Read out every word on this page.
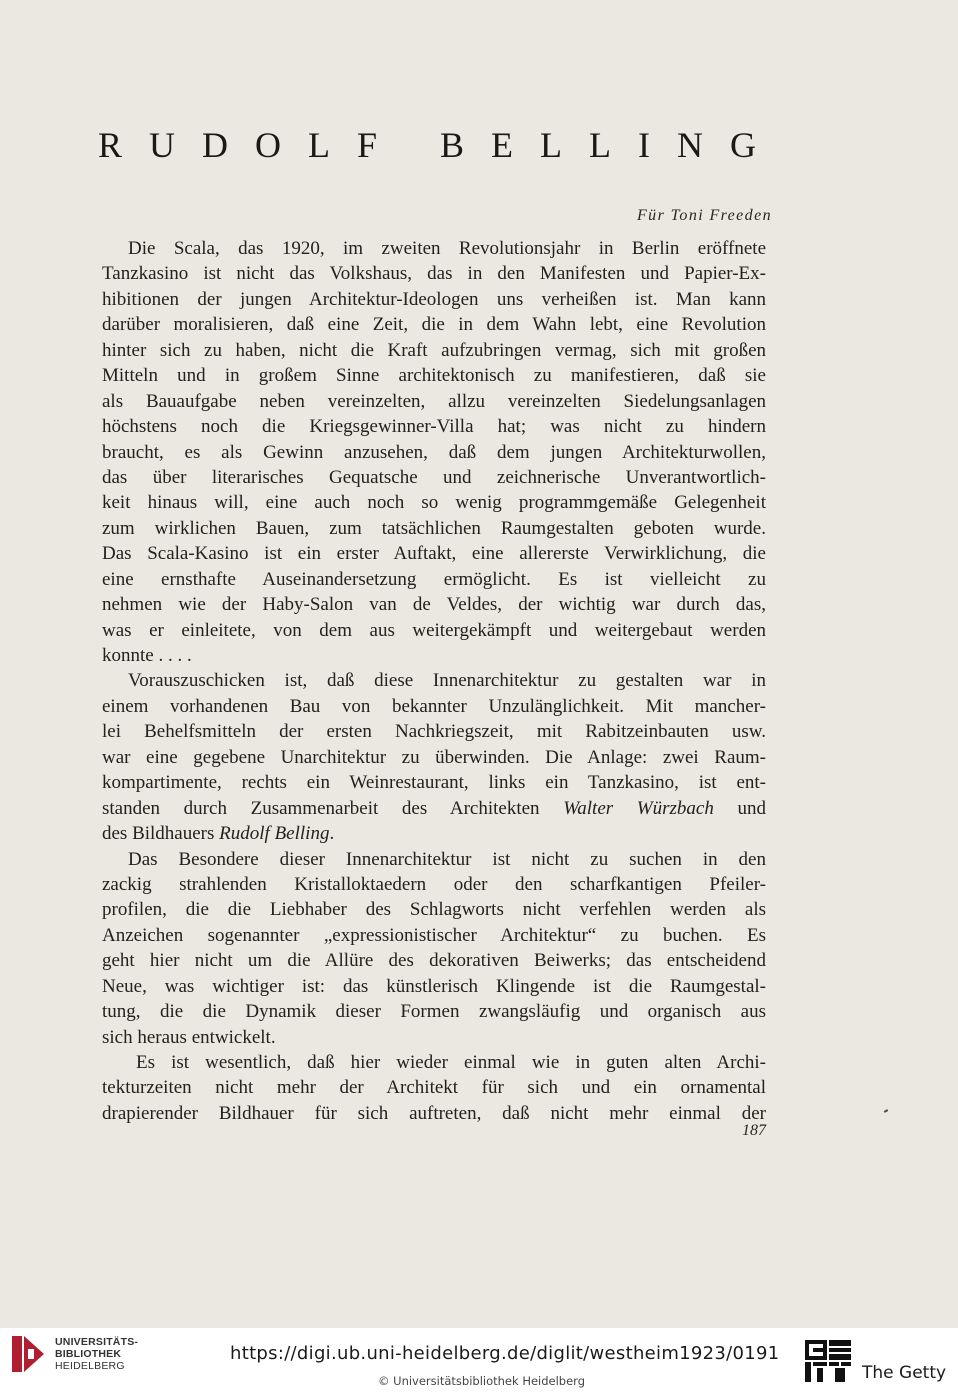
RUDOLF BELLING
Für Toni Freeden
Die Scala, das 1920, im zweiten Revolutionsjahr in Berlin eröffnete
Tanzkasino ist nicht das Volkshaus, das in den Manifesten und Papier-Ex-
hibitionen der jungen Architektur-Ideologen uns verheißen ist. Man kann
darüber moralisieren, daß eine Zeit, die in dem Wahn lebt, eine Revolution
hinter sich zu haben, nicht die Kraft aufzubringen vermag, sich mit großen
Mitteln und in großem Sinne architektonisch zu manifestieren, daß sie
als Bauaufgabe neben vereinzelten, allzu vereinzelten Siedelungsanlagen
höchstens noch die Kriegsgewinner-Villa hat; was nicht zu hindern
braucht, es als Gewinn anzusehen, daß dem jungen Architekturwollen,
das über literarisches Gequatsche und zeichnerische Unverantwortlich-
keit hinaus will, eine auch noch so wenig programmgemäße Gelegenheit
zum wirklichen Bauen, zum tatsächlichen Raumgestalten geboten wurde.
Das Scala-Kasino ist ein erster Auftakt, eine allererste Verwirklichung, die
eine ernsthafte Auseinandersetzung ermöglicht. Es ist vielleicht zu
nehmen wie der Haby-Salon van de Veldes, der wichtig war durch das,
was er einleitete, von dem aus weitergekämpft und weitergebaut werden
konnte . . . .
Vorauszuschicken ist, daß diese Innenarchitektur zu gestalten war in
einem vorhandenen Bau von bekannter Unzulänglichkeit. Mit mancher-
lei Behelfsmitteln der ersten Nachkriegszeit, mit Rabitzeinbauten usw.
war eine gegebene Unarchitektur zu überwinden. Die Anlage: zwei Raum-
kompartimente, rechts ein Weinrestaurant, links ein Tanzkasino, ist ent-
standen durch Zusammenarbeit des Architekten Walter Würzbach und
des Bildhauers Rudolf Belling.
Das Besondere dieser Innenarchitektur ist nicht zu suchen in den
zackig strahlenden Kristalloktaedern oder den scharfkantigen Pfeiler-
profilen, die die Liebhaber des Schlagworts nicht verfehlen werden als
Anzeichen sogenannter „expressionistischer Architektur“ zu buchen. Es
geht hier nicht um die Allüre des dekorativen Beiwerks; das entscheidend
Neue, was wichtiger ist: das künstlerisch Klingende ist die Raumgestal-
tung, die die Dynamik dieser Formen zwangsläufig und organisch aus
sich heraus entwickelt.
Es ist wesentlich, daß hier wieder einmal wie in guten alten Archi-
tekturzeiten nicht mehr der Architekt für sich und ein ornamental
drapierender Bildhauer für sich auftreten, daß nicht mehr einmal der
187
UNIVERSITÄTS-
BIBLIOTHEK
HEIDELBERG
https://digi.ub.uni-heidelberg.de/diglit/westheim1923/0191
© Universitätsbibliothek Heidelberg	The Getty
